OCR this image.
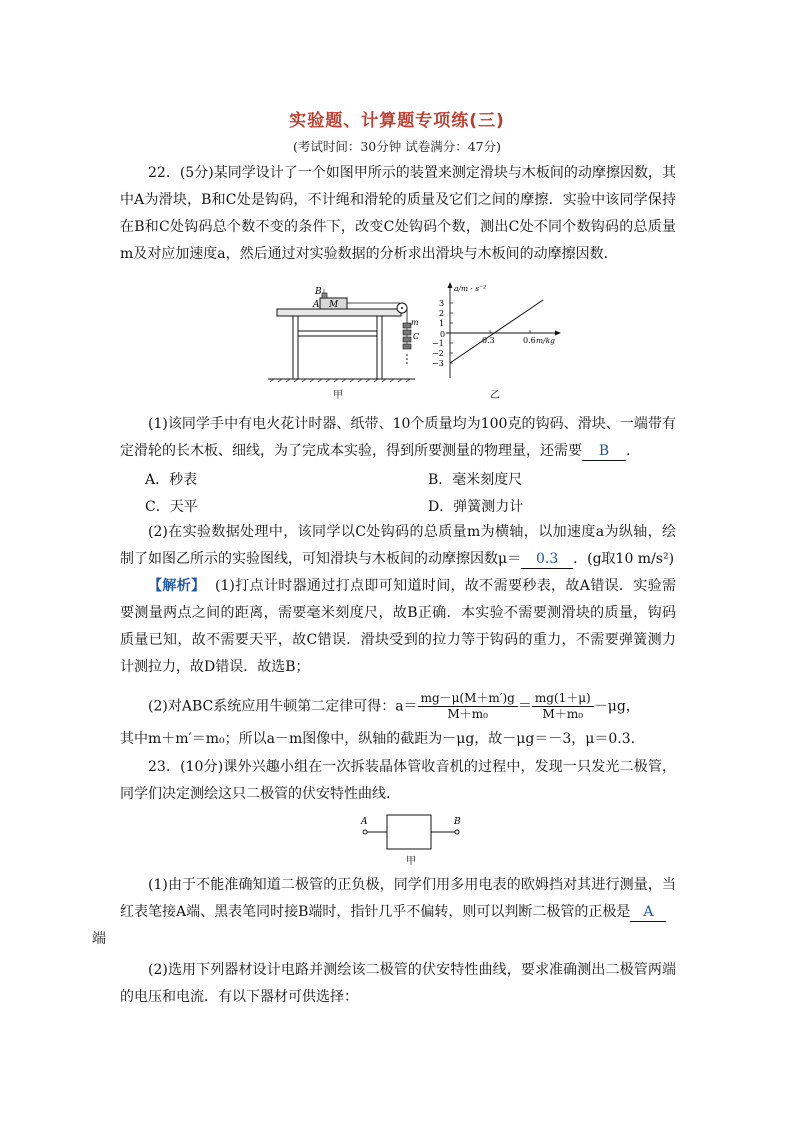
实验题、计算题专项练(三)
(考试时间：30分钟 试卷满分：47分)
22．(5分)某同学设计了一个如图甲所示的装置来测定滑块与木板间的动摩擦因数，其中A为滑块，B和C处是钩码，不计绳和滑轮的质量及它们之间的摩擦．实验中该同学保持在B和C处钩码总个数不变的条件下，改变C处钩码个数，测出C处不同个数钩码的总质量m及对应加速度a，然后通过对实验数据的分析求出滑块与木板间的动摩擦因数．
B
A M
m
C
甲
a/m · s⁻²
3
2
1
0
−1
−2
−3
0.3	0.6 m/kg
乙
(1)该同学手中有电火花计时器、纸带、10个质量均为100克的钩码、滑块、一端带有定滑轮的长木板、细线，为了完成本实验，得到所要测量的物理量，还需要 B ．
A．秒表	B．毫米刻度尺
C．天平	D．弹簧测力计
(2)在实验数据处理中，该同学以C处钩码的总质量m为横轴，以加速度a为纵轴，绘制了如图乙所示的实验图线，可知滑块与木板间的动摩擦因数μ＝ 0.3 ．(g取10 m/s²)
【解析】 (1)打点计时器通过打点即可知道时间，故不需要秒表，故A错误．实验需要测量两点之间的距离，需要毫米刻度尺，故B正确．本实验不需要测滑块的质量，钩码质量已知，故不需要天平，故C错误．滑块受到的拉力等于钩码的重力，不需要弹簧测力计测拉力，故D错误．故选B；
(2)对ABC系统应用牛顿第二定律可得：$a= \frac{mg-\mu(M+m')g}{\text{M＋m₀}} = \frac{mg(1+\mu)}{\text{M＋m₀}} -\mu g$，
其中m＋m′＝m₀；所以a－m图像中，纵轴的截距为－μg，故－μg＝－3，μ＝0.3.
23．(10分)课外兴趣小组在一次拆装晶体管收音机的过程中，发现一只发光二极管，同学们决定测绘这只二极管的伏安特性曲线．
A	B
甲
(1)由于不能准确知道二极管的正负极，同学们用多用电表的欧姆挡对其进行测量，当红表笔接A端、黑表笔同时接B端时，指针几乎不偏转，则可以判断二极管的正极是 A
端
(2)选用下列器材设计电路并测绘该二极管的伏安特性曲线，要求准确测出二极管两端的电压和电流．有以下器材可供选择：
